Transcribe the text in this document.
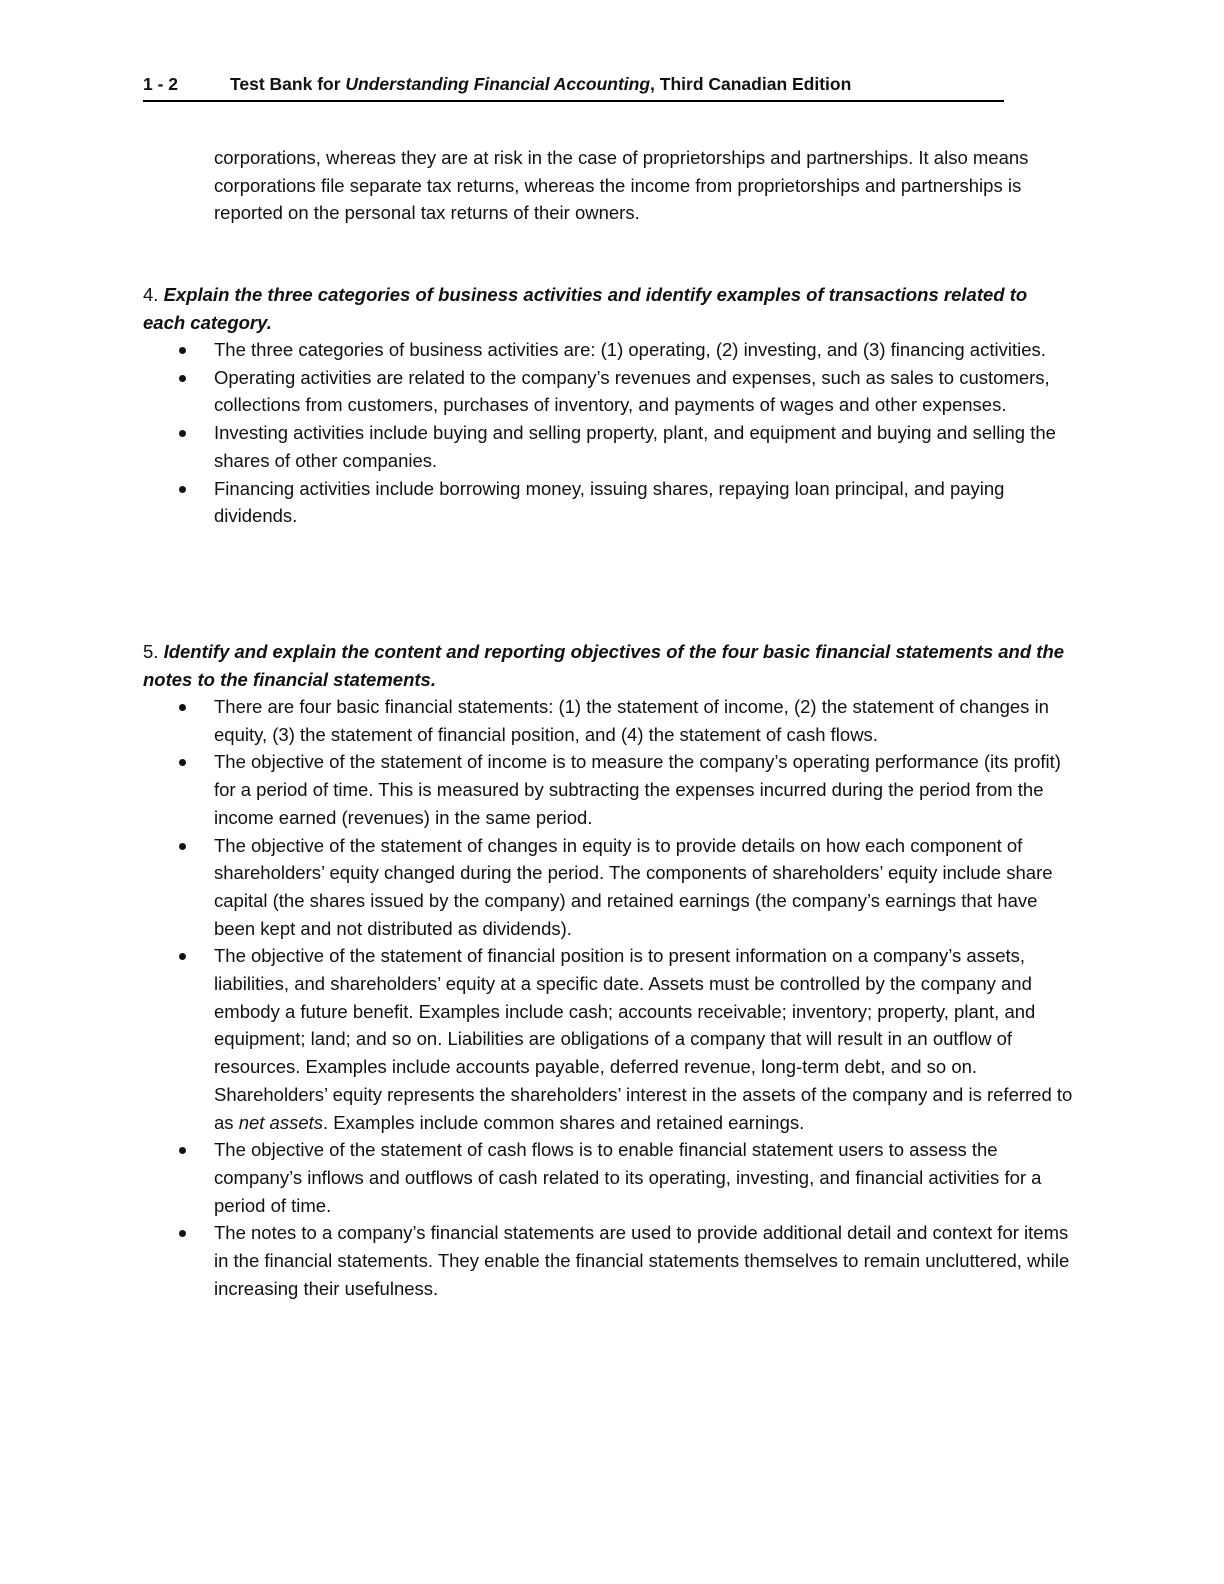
1 - 2	Test Bank for Understanding Financial Accounting, Third Canadian Edition
corporations, whereas they are at risk in the case of proprietorships and partnerships. It also means corporations file separate tax returns, whereas the income from proprietorships and partnerships is reported on the personal tax returns of their owners.
4. Explain the three categories of business activities and identify examples of transactions related to each category.
The three categories of business activities are: (1) operating, (2) investing, and (3) financing activities.
Operating activities are related to the company’s revenues and expenses, such as sales to customers, collections from customers, purchases of inventory, and payments of wages and other expenses.
Investing activities include buying and selling property, plant, and equipment and buying and selling the shares of other companies.
Financing activities include borrowing money, issuing shares, repaying loan principal, and paying dividends.
5. Identify and explain the content and reporting objectives of the four basic financial statements and the notes to the financial statements.
There are four basic financial statements: (1) the statement of income, (2) the statement of changes in equity, (3) the statement of financial position, and (4) the statement of cash flows.
The objective of the statement of income is to measure the company’s operating performance (its profit) for a period of time. This is measured by subtracting the expenses incurred during the period from the income earned (revenues) in the same period.
The objective of the statement of changes in equity is to provide details on how each component of shareholders’ equity changed during the period. The components of shareholders’ equity include share capital (the shares issued by the company) and retained earnings (the company’s earnings that have been kept and not distributed as dividends).
The objective of the statement of financial position is to present information on a company’s assets, liabilities, and shareholders’ equity at a specific date. Assets must be controlled by the company and embody a future benefit. Examples include cash; accounts receivable; inventory; property, plant, and equipment; land; and so on. Liabilities are obligations of a company that will result in an outflow of resources. Examples include accounts payable, deferred revenue, long-term debt, and so on. Shareholders’ equity represents the shareholders’ interest in the assets of the company and is referred to as net assets. Examples include common shares and retained earnings.
The objective of the statement of cash flows is to enable financial statement users to assess the company’s inflows and outflows of cash related to its operating, investing, and financial activities for a period of time.
The notes to a company’s financial statements are used to provide additional detail and context for items in the financial statements. They enable the financial statements themselves to remain uncluttered, while increasing their usefulness.
